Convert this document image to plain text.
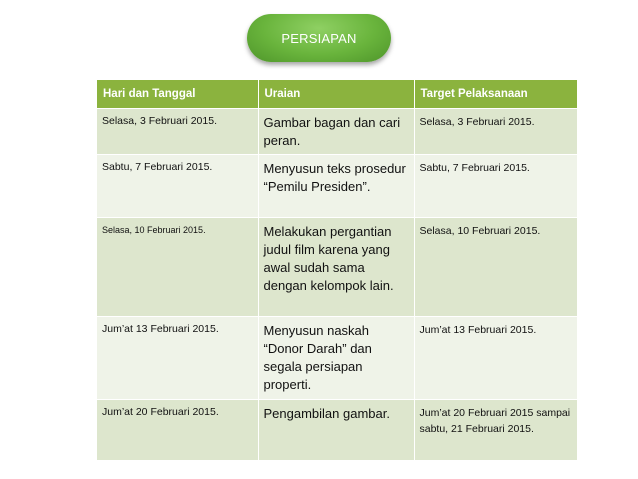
PERSIAPAN
Hari dan Tanggal	Uraian	Target Pelaksanaan
Selasa, 3 Februari 2015.	Gambar bagan dan cari peran.	Selasa, 3 Februari 2015.
Sabtu, 7 Februari 2015.	Menyusun teks prosedur “Pemilu Presiden”.	Sabtu, 7 Februari 2015.
Selasa, 10 Februari 2015.	Melakukan pergantian judul film karena yang awal sudah sama dengan kelompok lain.	Selasa, 10 Februari 2015.
Jum’at 13 Februari 2015.	Menyusun naskah “Donor Darah” dan segala persiapan properti.	Jum’at 13 Februari 2015.
Jum’at 20 Februari 2015.	Pengambilan gambar.	Jum’at 20 Februari 2015 sampai sabtu, 21 Februari 2015.
